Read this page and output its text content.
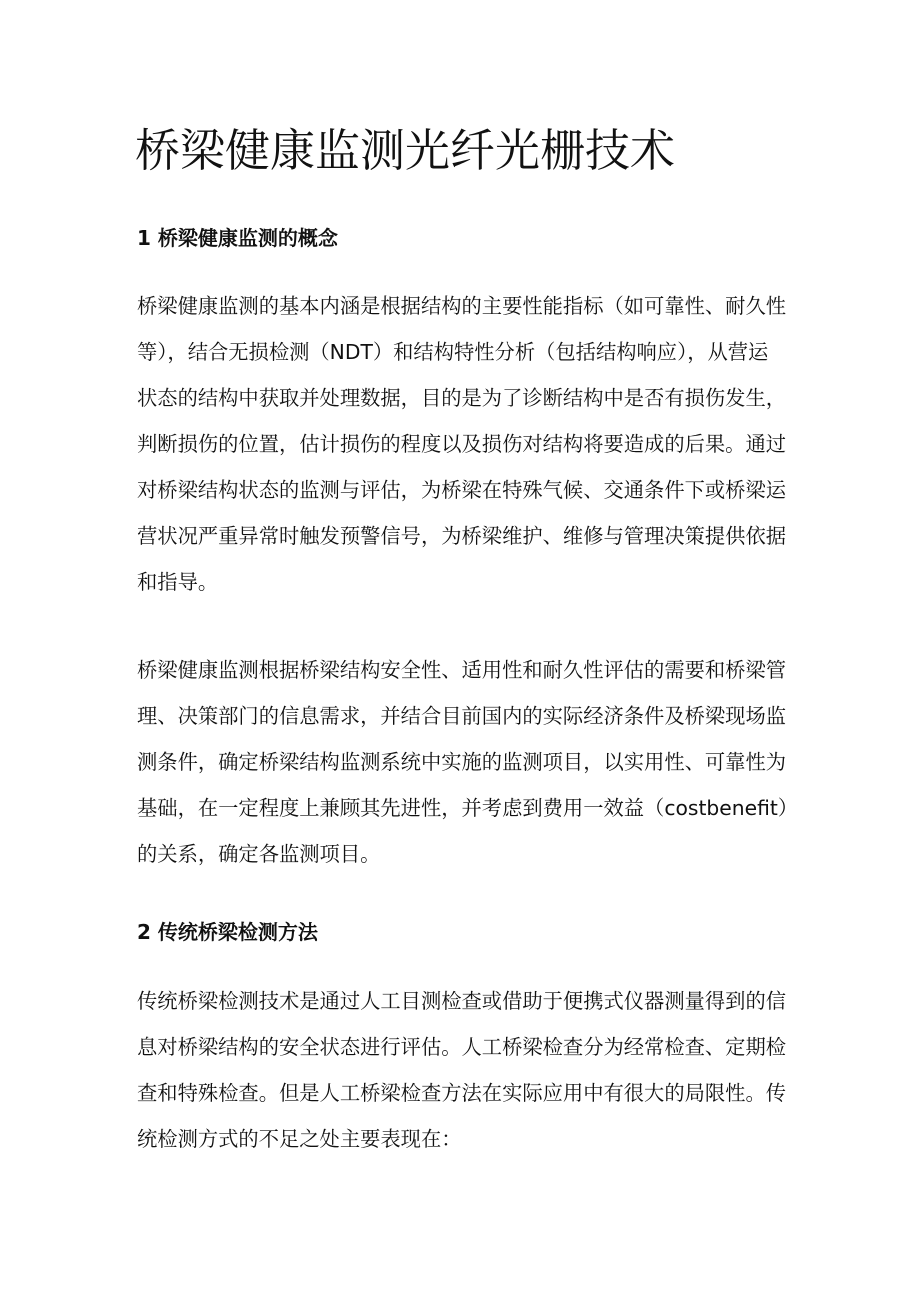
桥梁健康监测光纤光栅技术
1 桥梁健康监测的概念

桥梁健康监测的基本内涵是根据结构的主要性能指标（如可靠性、耐久性
等），结合无损检测（NDT）和结构特性分析（包括结构响应），从营运
状态的结构中获取并处理数据，目的是为了诊断结构中是否有损伤发生，
判断损伤的位置，估计损伤的程度以及损伤对结构将要造成的后果。通过
对桥梁结构状态的监测与评估，为桥梁在特殊气候、交通条件下或桥梁运
营状况严重异常时触发预警信号，为桥梁维护、维修与管理决策提供依据
和指导。

桥梁健康监测根据桥梁结构安全性、适用性和耐久性评估的需要和桥梁管
理、决策部门的信息需求，并结合目前国内的实际经济条件及桥梁现场监
测条件，确定桥梁结构监测系统中实施的监测项目，以实用性、可靠性为
基础，在一定程度上兼顾其先进性，并考虑到费用一效益（costbenefit）
的关系，确定各监测项目。

2 传统桥梁检测方法

传统桥梁检测技术是通过人工目测检查或借助于便携式仪器测量得到的信
息对桥梁结构的安全状态进行评估。人工桥梁检查分为经常检查、定期检
查和特殊检查。但是人工桥梁检查方法在实际应用中有很大的局限性。传
统检测方式的不足之处主要表现在：
